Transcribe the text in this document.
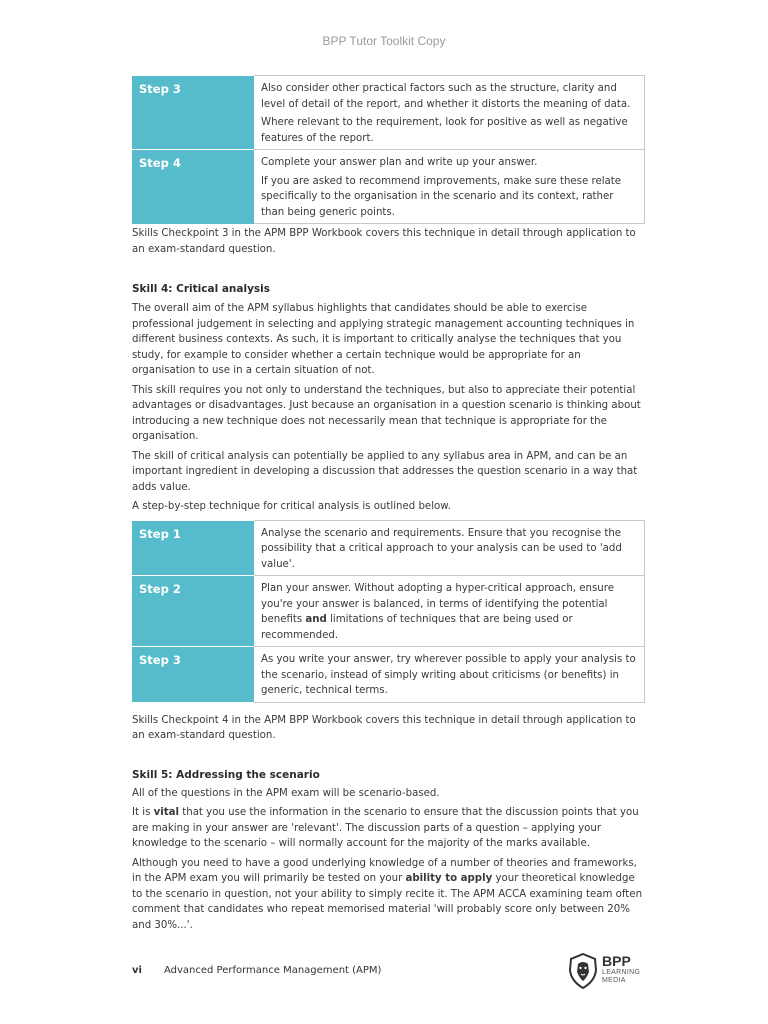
BPP Tutor Toolkit Copy
Step 3	Also consider other practical factors such as the structure, clarity and level of detail of the report, and whether it distorts the meaning of data.

Where relevant to the requirement, look for positive as well as negative features of the report.

Step 4	Complete your answer plan and write up your answer.

If you are asked to recommend improvements, make sure these relate specifically to the organisation in the scenario and its context, rather than being generic points.

Skills Checkpoint 3 in the APM BPP Workbook covers this technique in detail through application to an exam-standard question.

Skill 4: Critical analysis

The overall aim of the APM syllabus highlights that candidates should be able to exercise professional judgement in selecting and applying strategic management accounting techniques in different business contexts. As such, it is important to critically analyse the techniques that you study, for example to consider whether a certain technique would be appropriate for an organisation to use in a certain situation of not.

This skill requires you not only to understand the techniques, but also to appreciate their potential advantages or disadvantages. Just because an organisation in a question scenario is thinking about introducing a new technique does not necessarily mean that technique is appropriate for the organisation.

The skill of critical analysis can potentially be applied to any syllabus area in APM, and can be an important ingredient in developing a discussion that addresses the question scenario in a way that adds value.

A step-by-step technique for critical analysis is outlined below.

Step 1	Analyse the scenario and requirements. Ensure that you recognise the possibility that a critical approach to your analysis can be used to 'add value'.
Step 2	Plan your answer. Without adopting a hyper-critical approach, ensure you're your answer is balanced, in terms of identifying the potential benefits and limitations of techniques that are being used or recommended.
Step 3	As you write your answer, try wherever possible to apply your analysis to the scenario, instead of simply writing about criticisms (or benefits) in generic, technical terms.

Skills Checkpoint 4 in the APM BPP Workbook covers this technique in detail through application to an exam-standard question.

Skill 5: Addressing the scenario

All of the questions in the APM exam will be scenario-based.

It is vital that you use the information in the scenario to ensure that the discussion points that you are making in your answer are 'relevant'. The discussion parts of a question – applying your knowledge to the scenario – will normally account for the majority of the marks available.

Although you need to have a good underlying knowledge of a number of theories and frameworks, in the APM exam you will primarily be tested on your ability to apply your theoretical knowledge to the scenario in question, not your ability to simply recite it. The APM ACCA examining team often comment that candidates who repeat memorised material 'will probably score only between 20% and 30%...'.

vi Advanced Performance Management (APM)
BPP
LEARNING
MEDIA
